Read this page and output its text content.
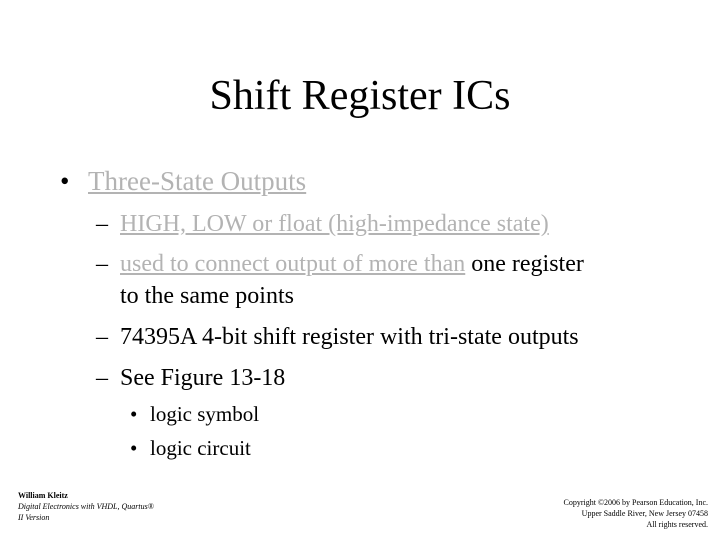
Shift Register ICs
• Three-State Outputs
– HIGH, LOW or float (high-impedance state)
– used to connect output of more than one register
to the same points
– 74395A 4-bit shift register with tri-state outputs
– See Figure 13-18
• logic symbol
• logic circuit
William Kleitz
Digital Electronics with VHDL, Quartus®
II Version
Copyright ©2006 by Pearson Education, Inc.
Upper Saddle River, New Jersey 07458
All rights reserved.
